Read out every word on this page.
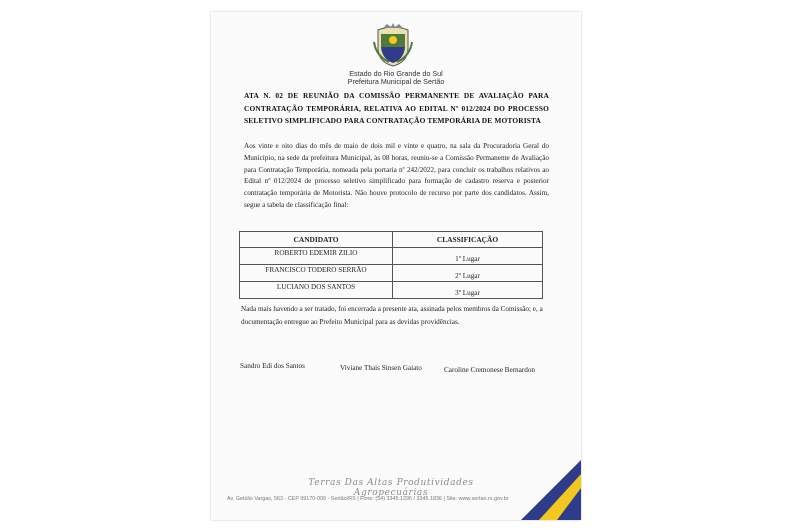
Estado do Rio Grande do Sul
Prefeitura Municipal de Sertão
ATA N. 02 DE REUNIÃO DA COMISSÃO PERMANENTE DE AVALIAÇÃO PARA CONTRATAÇÃO TEMPORÁRIA, RELATIVA AO EDITAL Nº 012/2024 DO PROCESSO SELETIVO SIMPLIFICADO PARA CONTRATAÇÃO TEMPORÁRIA DE MOTORISTA
Aos vinte e oito dias do mês de maio de dois mil e vinte e quatro, na sala da Procuradoria Geral do Município, na sede da prefeitura Municipal, às 08 horas, reuniu-se a Comissão Permanente de Avaliação para Contratação Temporária, nomeada pela portaria nº 242/2022, para concluir os trabalhos relativos ao Edital nº 012/2024 de processo seletivo simplificado para formação de cadastro reserva e posterior contratação temporária de Motorista. Não houve protocolo de recurso por parte dos candidatos. Assim, segue a tabela de classificação final:
CANDIDATO	CLASSIFICAÇÃO
ROBERTO EDEMIR ZILIO	1º Lugar
FRANCISCO TODERO SERRÃO	2º Lugar
LUCIANO DOS SANTOS	3º Lugar
Nada mais havendo a ser tratado, foi encerrada a presente ata, assinada pelos membros da Comissão; e, a documentação entregue ao Prefeito Municipal para as devidas providências.
Sandro Edi dos Santos	Viviane Thais Sinsen Gaiato	Caroline Cremonese Bernardon
Terras Das Altas Produtividades Agropecuárias
Av. Getúlio Vargas, 563 - CEP 99170-000 - Sertão/RS | Fone: (54) 3345.1295 / 3345.1836 | Site: www.sertao.rs.gov.br
